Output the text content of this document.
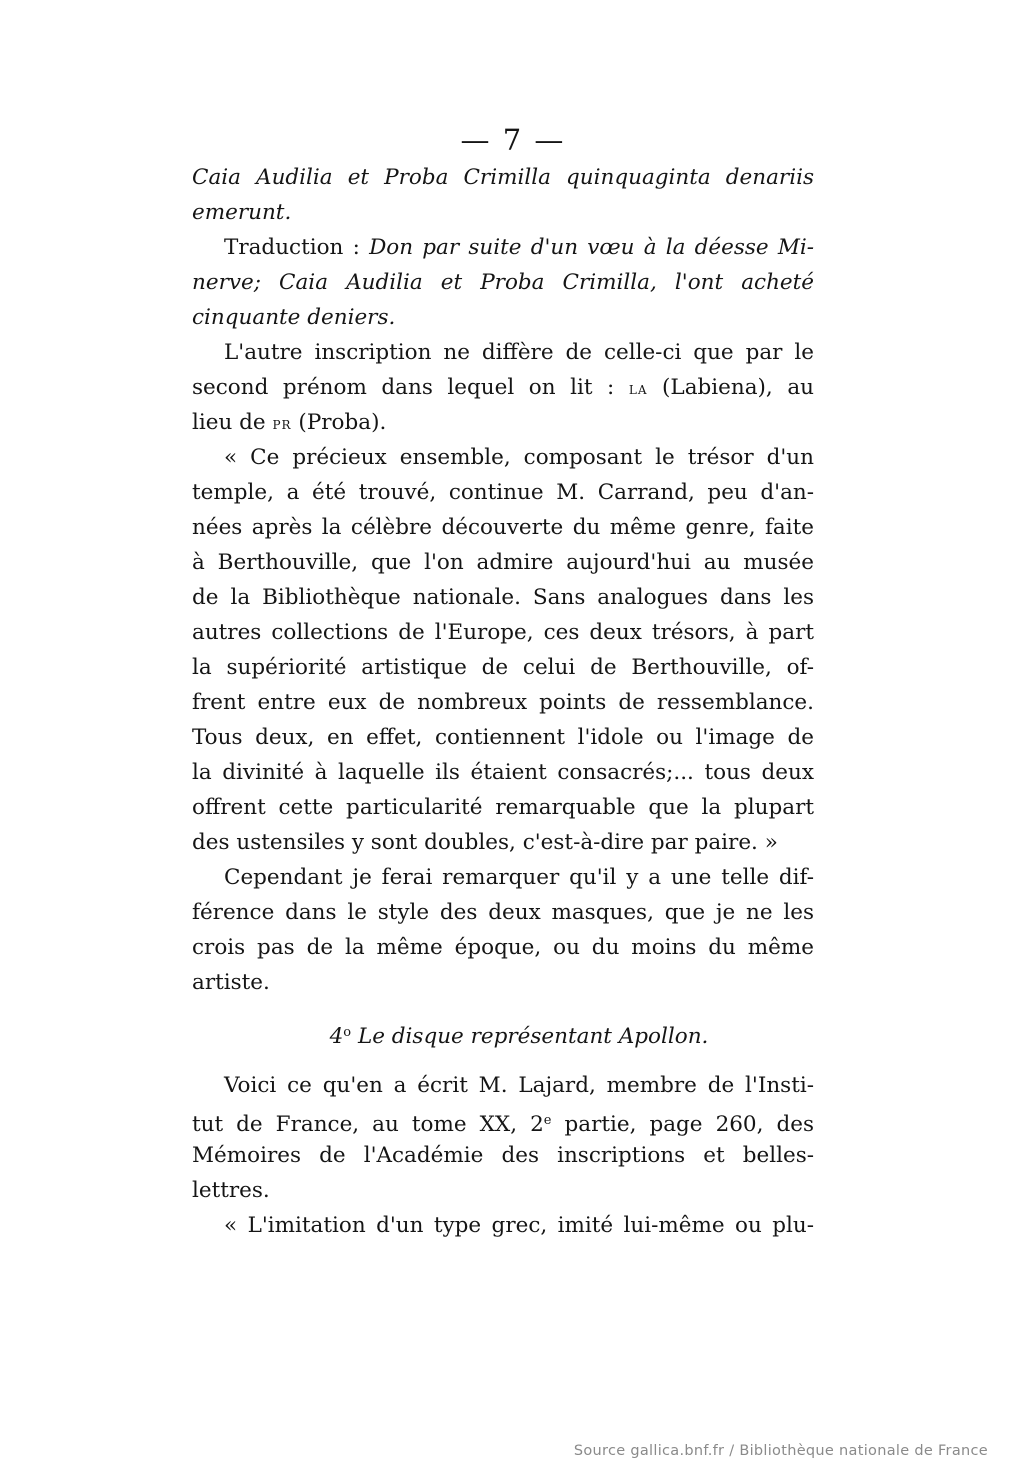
— 7 —
Caia Audilia et Proba Crimilla quinquaginta denariis
emerunt.
Traduction : Don par suite d'un vœu à la déesse Mi-
nerve; Caia Audilia et Proba Crimilla, l'ont acheté
cinquante deniers.
L'autre inscription ne diffère de celle-ci que par le
second prénom dans lequel on lit : la (Labiena), au
lieu de pr (Proba).
« Ce précieux ensemble, composant le trésor d'un
temple, a été trouvé, continue M. Carrand, peu d'an-
nées après la célèbre découverte du même genre, faite
à Berthouville, que l'on admire aujourd'hui au musée
de la Bibliothèque nationale. Sans analogues dans les
autres collections de l'Europe, ces deux trésors, à part
la supériorité artistique de celui de Berthouville, of-
frent entre eux de nombreux points de ressemblance.
Tous deux, en effet, contiennent l'idole ou l'image de
la divinité à laquelle ils étaient consacrés;... tous deux
offrent cette particularité remarquable que la plupart
des ustensiles y sont doubles, c'est-à-dire par paire. »
Cependant je ferai remarquer qu'il y a une telle dif-
férence dans le style des deux masques, que je ne les
crois pas de la même époque, ou du moins du même
artiste.
4$^o$ Le disque représentant Apollon.
Voici ce qu'en a écrit M. Lajard, membre de l'Insti-
tut de France, au tome XX, 2e partie, page 260, des
Mémoires de l'Académie des inscriptions et belles-
lettres.
« L'imitation d'un type grec, imité lui-même ou plu-
Source gallica.bnf.fr / Bibliothèque nationale de France
